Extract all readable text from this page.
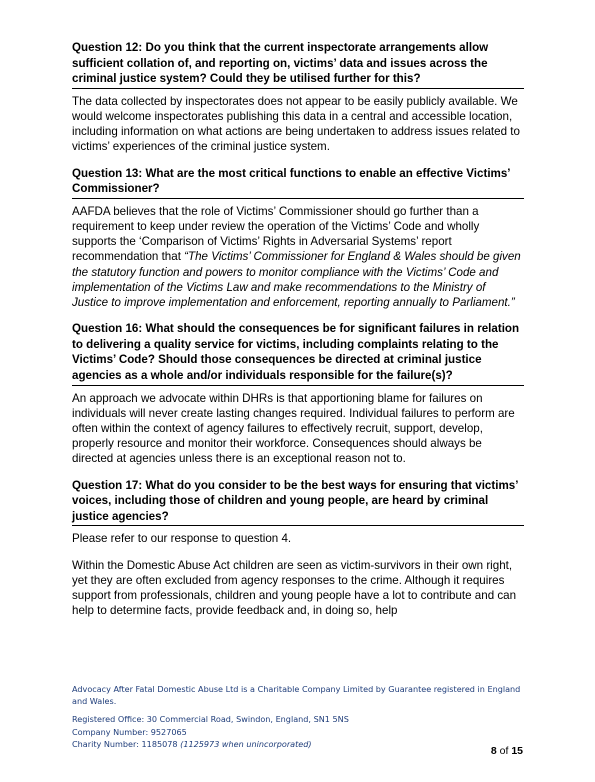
Question 12: Do you think that the current inspectorate arrangements allow sufficient collation of, and reporting on, victims’ data and issues across the criminal justice system? Could they be utilised further for this?

The data collected by inspectorates does not appear to be easily publicly available. We would welcome inspectorates publishing this data in a central and accessible location, including information on what actions are being undertaken to address issues related to victims’ experiences of the criminal justice system.

Question 13: What are the most critical functions to enable an effective Victims’ Commissioner?

AAFDA believes that the role of Victims’ Commissioner should go further than a requirement to keep under review the operation of the Victims’ Code and wholly supports the ‘Comparison of Victims’ Rights in Adversarial Systems’ report recommendation that “The Victims’ Commissioner for England & Wales should be given the statutory function and powers to monitor compliance with the Victims’ Code and implementation of the Victims Law and make recommendations to the Ministry of Justice to improve implementation and enforcement, reporting annually to Parliament.”

Question 16: What should the consequences be for significant failures in relation to delivering a quality service for victims, including complaints relating to the Victims’ Code? Should those consequences be directed at criminal justice agencies as a whole and/or individuals responsible for the failure(s)?

An approach we advocate within DHRs is that apportioning blame for failures on individuals will never create lasting changes required. Individual failures to perform are often within the context of agency failures to effectively recruit, support, develop, properly resource and monitor their workforce. Consequences should always be directed at agencies unless there is an exceptional reason not to.

Question 17: What do you consider to be the best ways for ensuring that victims’ voices, including those of children and young people, are heard by criminal justice agencies?

Please refer to our response to question 4.

Within the Domestic Abuse Act children are seen as victim-survivors in their own right, yet they are often excluded from agency responses to the crime. Although it requires support from professionals, children and young people have a lot to contribute and can help to determine facts, provide feedback and, in doing so, help

Advocacy After Fatal Domestic Abuse Ltd is a Charitable Company Limited by Guarantee registered in England and Wales.
Registered Office: 30 Commercial Road, Swindon, England, SN1 5NS
Company Number: 9527065
Charity Number: 1185078 (1125973 when unincorporated)
8 of 15
